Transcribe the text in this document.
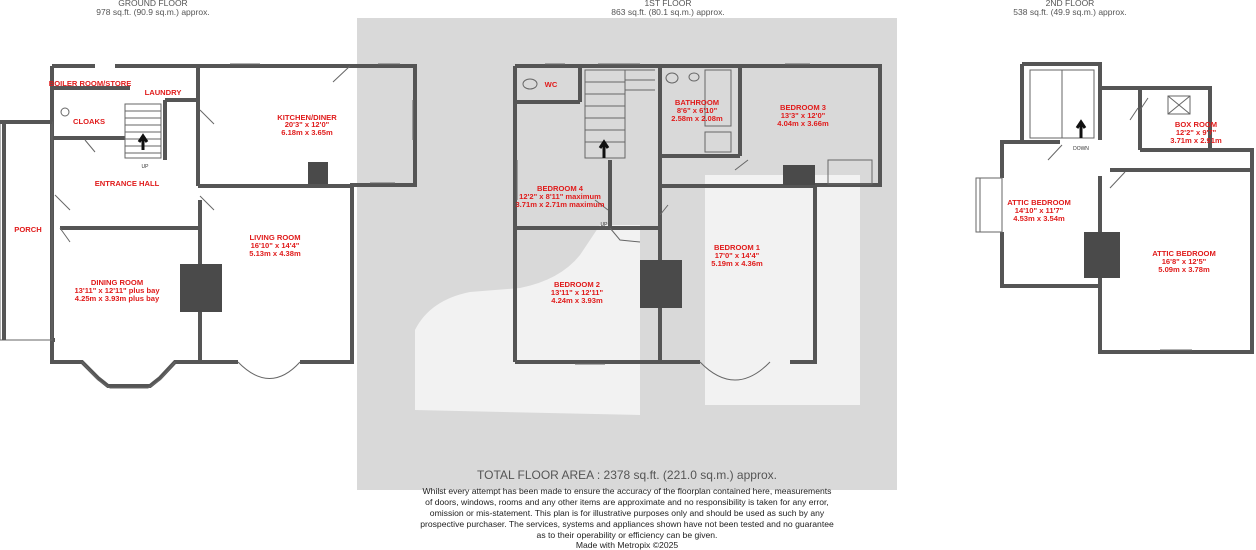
GROUND FLOOR
978 sq.ft. (90.9 sq.m.) approx.
BOILER ROOM/STORE
LAUNDRY
CLOAKS	KITCHEN/DINER
20'3" x 12'0"
6.18m x 3.65m
ENTRANCE HALL
PORCH
LIVING ROOM
16'10" x 14'4"
5.13m x 4.38m
DINING ROOM
13'11" x 12'11" plus bay
4.25m x 3.93m plus bay
UP
1ST FLOOR
863 sq.ft. (80.1 sq.m.) approx.
WC
BATHROOM
8'6" x 6'10"
2.58m x 2.08m
BEDROOM 3
13'3" x 12'0"
4.04m x 3.66m
BEDROOM 4
12'2" x 8'11" maximum
3.71m x 2.71m maximum
BEDROOM 1
17'0" x 14'4"
5.19m x 4.36m
BEDROOM 2
13'11" x 12'11"
4.24m x 3.93m
UP
2ND FLOOR
538 sq.ft. (49.9 sq.m.) approx.
BOX ROOM
12'2" x 9'7"
3.71m x 2.91m
DOWN
ATTIC BEDROOM
14'10" x 11'7"
4.53m x 3.54m
ATTIC BEDROOM
16'8" x 12'5"
5.09m x 3.78m
TOTAL FLOOR AREA : 2378 sq.ft. (221.0 sq.m.) approx.
Whilst every attempt has been made to ensure the accuracy of the floorplan contained here, measurements
of doors, windows, rooms and any other items are approximate and no responsibility is taken for any error,
omission or mis-statement. This plan is for illustrative purposes only and should be used as such by any
prospective purchaser. The services, systems and appliances shown have not been tested and no guarantee
as to their operability or efficiency can be given.
Made with Metropix ©2025
